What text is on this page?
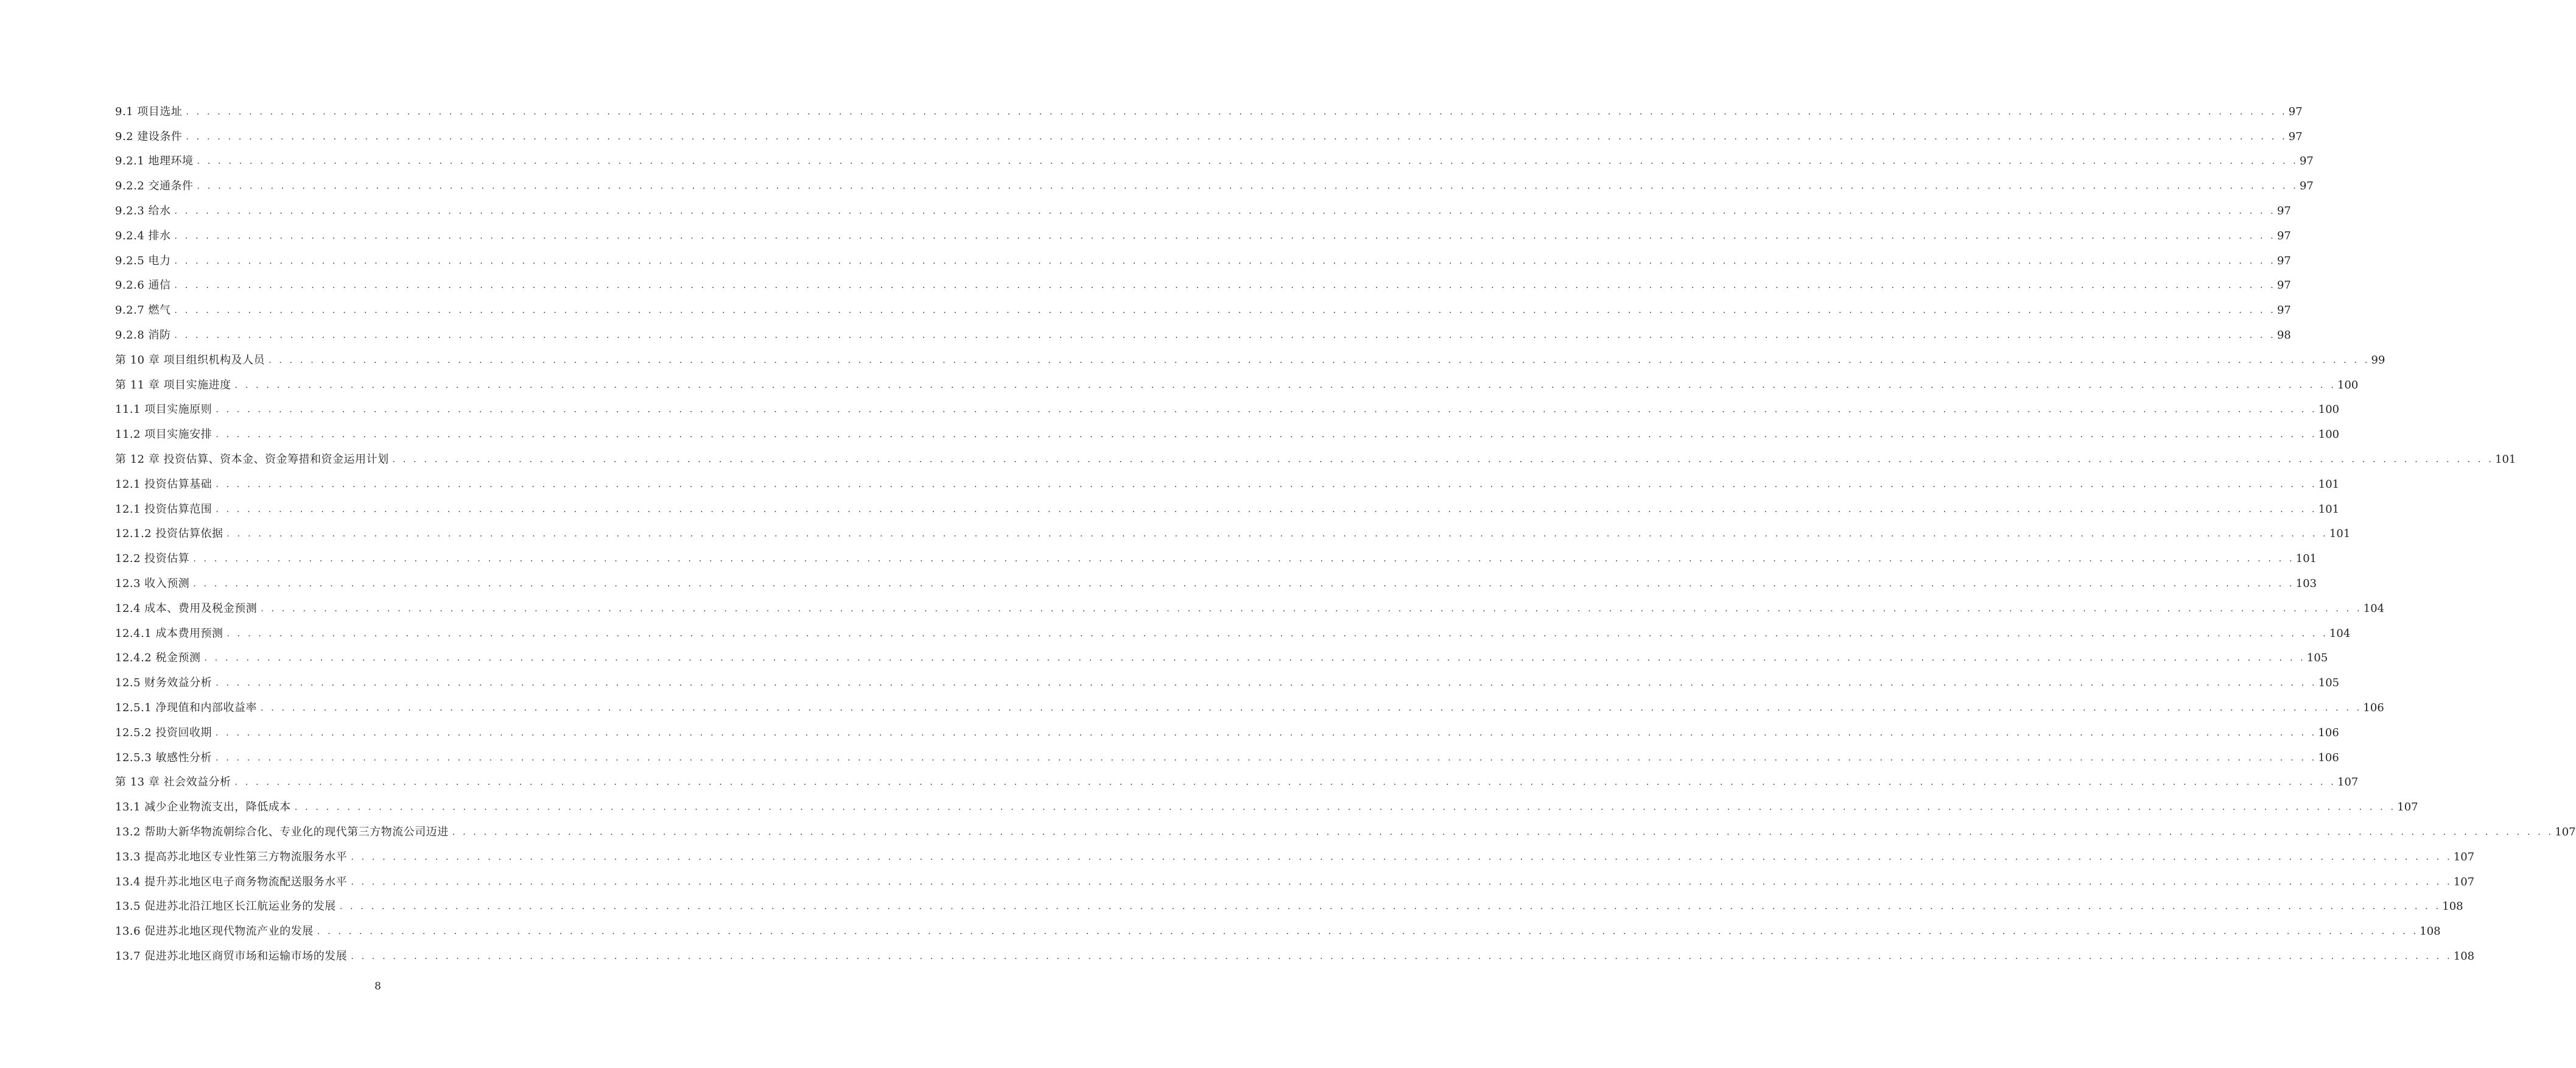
9.1 项目选址 . . . . . . . . . . . . . . . . . . . . . . . . . . . . . . . . . . . . . . . . . . . . . . . . . . . . . . . . . . . . . . . . . . . . . . . . . . . . . . . . . . . . . . . . . . . . . . . . . . . . . . . . . . . . . . . . . . . . . . . . . . . . . . . . . . . . . . . . . . . . . . . . . . . . . . . . . . . . . . . . . . . . . . . . . . . . . . . . . . . . . . . . . . . . . . . . . . . . . . . . 97
9.2 建设条件 . . . . . . . . . . . . . . . . . . . . . . . . . . . . . . . . . . . . . . . . . . . . . . . . . . . . . . . . . . . . . . . . . . . . . . . . . . . . . . . . . . . . . . . . . . . . . . . . . . . . . . . . . . . . . . . . . . . . . . . . . . . . . . . . . . . . . . . . . . . . . . . . . . . . . . . . . . . . . . . . . . . . . . . . . . . . . . . . . . . . . . . . . . . . . . . . . . . . . . . . 97
9.2.1 地理环境 . . . . . . . . . . . . . . . . . . . . . . . . . . . . . . . . . . . . . . . . . . . . . . . . . . . . . . . . . . . . . . . . . . . . . . . . . . . . . . . . . . . . . . . . . . . . . . . . . . . . . . . . . . . . . . . . . . . . . . . . . . . . . . . . . . . . . . . . . . . . . . . . . . . . . . . . . . . . . . . . . . . . . . . . . . . . . . . . . . . . . . . . . . . . . . . . . . . . . . . . 97
9.2.2 交通条件 . . . . . . . . . . . . . . . . . . . . . . . . . . . . . . . . . . . . . . . . . . . . . . . . . . . . . . . . . . . . . . . . . . . . . . . . . . . . . . . . . . . . . . . . . . . . . . . . . . . . . . . . . . . . . . . . . . . . . . . . . . . . . . . . . . . . . . . . . . . . . . . . . . . . . . . . . . . . . . . . . . . . . . . . . . . . . . . . . . . . . . . . . . . . . . . . . . . . . . . . 97
9.2.3 给水 . . . . . . . . . . . . . . . . . . . . . . . . . . . . . . . . . . . . . . . . . . . . . . . . . . . . . . . . . . . . . . . . . . . . . . . . . . . . . . . . . . . . . . . . . . . . . . . . . . . . . . . . . . . . . . . . . . . . . . . . . . . . . . . . . . . . . . . . . . . . . . . . . . . . . . . . . . . . . . . . . . . . . . . . . . . . . . . . . . . . . . . . . . . . . . . . . . . . . . . . 97
9.2.4 排水 . . . . . . . . . . . . . . . . . . . . . . . . . . . . . . . . . . . . . . . . . . . . . . . . . . . . . . . . . . . . . . . . . . . . . . . . . . . . . . . . . . . . . . . . . . . . . . . . . . . . . . . . . . . . . . . . . . . . . . . . . . . . . . . . . . . . . . . . . . . . . . . . . . . . . . . . . . . . . . . . . . . . . . . . . . . . . . . . . . . . . . . . . . . . . . . . . . . . . . . . 97
9.2.5 电力 . . . . . . . . . . . . . . . . . . . . . . . . . . . . . . . . . . . . . . . . . . . . . . . . . . . . . . . . . . . . . . . . . . . . . . . . . . . . . . . . . . . . . . . . . . . . . . . . . . . . . . . . . . . . . . . . . . . . . . . . . . . . . . . . . . . . . . . . . . . . . . . . . . . . . . . . . . . . . . . . . . . . . . . . . . . . . . . . . . . . . . . . . . . . . . . . . . . . . . . . 97
9.2.6 通信 . . . . . . . . . . . . . . . . . . . . . . . . . . . . . . . . . . . . . . . . . . . . . . . . . . . . . . . . . . . . . . . . . . . . . . . . . . . . . . . . . . . . . . . . . . . . . . . . . . . . . . . . . . . . . . . . . . . . . . . . . . . . . . . . . . . . . . . . . . . . . . . . . . . . . . . . . . . . . . . . . . . . . . . . . . . . . . . . . . . . . . . . . . . . . . . . . . . . . . . . 97
9.2.7 燃气 . . . . . . . . . . . . . . . . . . . . . . . . . . . . . . . . . . . . . . . . . . . . . . . . . . . . . . . . . . . . . . . . . . . . . . . . . . . . . . . . . . . . . . . . . . . . . . . . . . . . . . . . . . . . . . . . . . . . . . . . . . . . . . . . . . . . . . . . . . . . . . . . . . . . . . . . . . . . . . . . . . . . . . . . . . . . . . . . . . . . . . . . . . . . . . . . . . . . . . . . 97
9.2.8 消防 . . . . . . . . . . . . . . . . . . . . . . . . . . . . . . . . . . . . . . . . . . . . . . . . . . . . . . . . . . . . . . . . . . . . . . . . . . . . . . . . . . . . . . . . . . . . . . . . . . . . . . . . . . . . . . . . . . . . . . . . . . . . . . . . . . . . . . . . . . . . . . . . . . . . . . . . . . . . . . . . . . . . . . . . . . . . . . . . . . . . . . . . . . . . . . . . . . . . . . . . 98
第 10 章 项目组织机构及人员 . . . . . . . . . . . . . . . . . . . . . . . . . . . . . . . . . . . . . . . . . . . . . . . . . . . . . . . . . . . . . . . . . . . . . . . . . . . . . . . . . . . . . . . . . . . . . . . . . . . . . . . . . . . . . . . . . . . . . . . . . . . . . . . . . . . . . . . . . . . . . . . . . . . . . . . . . . . . . . . . . . . . . . . . . . . . . . . . . . . . . . . . . . . . . . . . . . . . . . . . 99
第 11 章 项目实施进度 . . . . . . . . . . . . . . . . . . . . . . . . . . . . . . . . . . . . . . . . . . . . . . . . . . . . . . . . . . . . . . . . . . . . . . . . . . . . . . . . . . . . . . . . . . . . . . . . . . . . . . . . . . . . . . . . . . . . . . . . . . . . . . . . . . . . . . . . . . . . . . . . . . . . . . . . . . . . . . . . . . . . . . . . . . . . . . . . . . . . . . . . . . . . . . . . . . . . . . . . 100
11.1 项目实施原则 . . . . . . . . . . . . . . . . . . . . . . . . . . . . . . . . . . . . . . . . . . . . . . . . . . . . . . . . . . . . . . . . . . . . . . . . . . . . . . . . . . . . . . . . . . . . . . . . . . . . . . . . . . . . . . . . . . . . . . . . . . . . . . . . . . . . . . . . . . . . . . . . . . . . . . . . . . . . . . . . . . . . . . . . . . . . . . . . . . . . . . . . . . . . . . . . . . . . . . . . 100
11.2 项目实施安排 . . . . . . . . . . . . . . . . . . . . . . . . . . . . . . . . . . . . . . . . . . . . . . . . . . . . . . . . . . . . . . . . . . . . . . . . . . . . . . . . . . . . . . . . . . . . . . . . . . . . . . . . . . . . . . . . . . . . . . . . . . . . . . . . . . . . . . . . . . . . . . . . . . . . . . . . . . . . . . . . . . . . . . . . . . . . . . . . . . . . . . . . . . . . . . . . . . . . . . . . 100
第 12 章 投资估算、资本金、资金筹措和资金运用计划 . . . . . . . . . . . . . . . . . . . . . . . . . . . . . . . . . . . . . . . . . . . . . . . . . . . . . . . . . . . . . . . . . . . . . . . . . . . . . . . . . . . . . . . . . . . . . . . . . . . . . . . . . . . . . . . . . . . . . . . . . . . . . . . . . . . . . . . . . . . . . . . . . . . . . . . . . . . . . . . . . . . . . . . . . . . . . . . . . . . . . . . . . . . . . . . . . . . . . . . . 101
12.1 投资估算基础 . . . . . . . . . . . . . . . . . . . . . . . . . . . . . . . . . . . . . . . . . . . . . . . . . . . . . . . . . . . . . . . . . . . . . . . . . . . . . . . . . . . . . . . . . . . . . . . . . . . . . . . . . . . . . . . . . . . . . . . . . . . . . . . . . . . . . . . . . . . . . . . . . . . . . . . . . . . . . . . . . . . . . . . . . . . . . . . . . . . . . . . . . . . . . . . . . . . . . . . . 101
12.1 投资估算范围 . . . . . . . . . . . . . . . . . . . . . . . . . . . . . . . . . . . . . . . . . . . . . . . . . . . . . . . . . . . . . . . . . . . . . . . . . . . . . . . . . . . . . . . . . . . . . . . . . . . . . . . . . . . . . . . . . . . . . . . . . . . . . . . . . . . . . . . . . . . . . . . . . . . . . . . . . . . . . . . . . . . . . . . . . . . . . . . . . . . . . . . . . . . . . . . . . . . . . . . . 101
12.1.2 投资估算依据 . . . . . . . . . . . . . . . . . . . . . . . . . . . . . . . . . . . . . . . . . . . . . . . . . . . . . . . . . . . . . . . . . . . . . . . . . . . . . . . . . . . . . . . . . . . . . . . . . . . . . . . . . . . . . . . . . . . . . . . . . . . . . . . . . . . . . . . . . . . . . . . . . . . . . . . . . . . . . . . . . . . . . . . . . . . . . . . . . . . . . . . . . . . . . . . . . . . . . . . . 101
12.2 投资估算 . . . . . . . . . . . . . . . . . . . . . . . . . . . . . . . . . . . . . . . . . . . . . . . . . . . . . . . . . . . . . . . . . . . . . . . . . . . . . . . . . . . . . . . . . . . . . . . . . . . . . . . . . . . . . . . . . . . . . . . . . . . . . . . . . . . . . . . . . . . . . . . . . . . . . . . . . . . . . . . . . . . . . . . . . . . . . . . . . . . . . . . . . . . . . . . . . . . . . . . . 101
12.3 收入预测 . . . . . . . . . . . . . . . . . . . . . . . . . . . . . . . . . . . . . . . . . . . . . . . . . . . . . . . . . . . . . . . . . . . . . . . . . . . . . . . . . . . . . . . . . . . . . . . . . . . . . . . . . . . . . . . . . . . . . . . . . . . . . . . . . . . . . . . . . . . . . . . . . . . . . . . . . . . . . . . . . . . . . . . . . . . . . . . . . . . . . . . . . . . . . . . . . . . . . . . . 103
12.4 成本、费用及税金预测 . . . . . . . . . . . . . . . . . . . . . . . . . . . . . . . . . . . . . . . . . . . . . . . . . . . . . . . . . . . . . . . . . . . . . . . . . . . . . . . . . . . . . . . . . . . . . . . . . . . . . . . . . . . . . . . . . . . . . . . . . . . . . . . . . . . . . . . . . . . . . . . . . . . . . . . . . . . . . . . . . . . . . . . . . . . . . . . . . . . . . . . . . . . . . . . . . . . . . . . . 104
12.4.1 成本费用预测 . . . . . . . . . . . . . . . . . . . . . . . . . . . . . . . . . . . . . . . . . . . . . . . . . . . . . . . . . . . . . . . . . . . . . . . . . . . . . . . . . . . . . . . . . . . . . . . . . . . . . . . . . . . . . . . . . . . . . . . . . . . . . . . . . . . . . . . . . . . . . . . . . . . . . . . . . . . . . . . . . . . . . . . . . . . . . . . . . . . . . . . . . . . . . . . . . . . . . . . . 104
12.4.2 税金预测 . . . . . . . . . . . . . . . . . . . . . . . . . . . . . . . . . . . . . . . . . . . . . . . . . . . . . . . . . . . . . . . . . . . . . . . . . . . . . . . . . . . . . . . . . . . . . . . . . . . . . . . . . . . . . . . . . . . . . . . . . . . . . . . . . . . . . . . . . . . . . . . . . . . . . . . . . . . . . . . . . . . . . . . . . . . . . . . . . . . . . . . . . . . . . . . . . . . . . . . . 105
12.5 财务效益分析 . . . . . . . . . . . . . . . . . . . . . . . . . . . . . . . . . . . . . . . . . . . . . . . . . . . . . . . . . . . . . . . . . . . . . . . . . . . . . . . . . . . . . . . . . . . . . . . . . . . . . . . . . . . . . . . . . . . . . . . . . . . . . . . . . . . . . . . . . . . . . . . . . . . . . . . . . . . . . . . . . . . . . . . . . . . . . . . . . . . . . . . . . . . . . . . . . . . . . . . . 105
12.5.1 净现值和内部收益率 . . . . . . . . . . . . . . . . . . . . . . . . . . . . . . . . . . . . . . . . . . . . . . . . . . . . . . . . . . . . . . . . . . . . . . . . . . . . . . . . . . . . . . . . . . . . . . . . . . . . . . . . . . . . . . . . . . . . . . . . . . . . . . . . . . . . . . . . . . . . . . . . . . . . . . . . . . . . . . . . . . . . . . . . . . . . . . . . . . . . . . . . . . . . . . . . . . . . . . . . 106
12.5.2 投资回收期 . . . . . . . . . . . . . . . . . . . . . . . . . . . . . . . . . . . . . . . . . . . . . . . . . . . . . . . . . . . . . . . . . . . . . . . . . . . . . . . . . . . . . . . . . . . . . . . . . . . . . . . . . . . . . . . . . . . . . . . . . . . . . . . . . . . . . . . . . . . . . . . . . . . . . . . . . . . . . . . . . . . . . . . . . . . . . . . . . . . . . . . . . . . . . . . . . . . . . . . . 106
12.5.3 敏感性分析 . . . . . . . . . . . . . . . . . . . . . . . . . . . . . . . . . . . . . . . . . . . . . . . . . . . . . . . . . . . . . . . . . . . . . . . . . . . . . . . . . . . . . . . . . . . . . . . . . . . . . . . . . . . . . . . . . . . . . . . . . . . . . . . . . . . . . . . . . . . . . . . . . . . . . . . . . . . . . . . . . . . . . . . . . . . . . . . . . . . . . . . . . . . . . . . . . . . . . . . . 106
第 13 章 社会效益分析 . . . . . . . . . . . . . . . . . . . . . . . . . . . . . . . . . . . . . . . . . . . . . . . . . . . . . . . . . . . . . . . . . . . . . . . . . . . . . . . . . . . . . . . . . . . . . . . . . . . . . . . . . . . . . . . . . . . . . . . . . . . . . . . . . . . . . . . . . . . . . . . . . . . . . . . . . . . . . . . . . . . . . . . . . . . . . . . . . . . . . . . . . . . . . . . . . . . . . . . . 107
13.1 减少企业物流支出，降低成本 . . . . . . . . . . . . . . . . . . . . . . . . . . . . . . . . . . . . . . . . . . . . . . . . . . . . . . . . . . . . . . . . . . . . . . . . . . . . . . . . . . . . . . . . . . . . . . . . . . . . . . . . . . . . . . . . . . . . . . . . . . . . . . . . . . . . . . . . . . . . . . . . . . . . . . . . . . . . . . . . . . . . . . . . . . . . . . . . . . . . . . . . . . . . . . . . . . . . . . . . 107
13.2 帮助大新华物流朝综合化、专业化的现代第三方物流公司迈进 . . . . . . . . . . . . . . . . . . . . . . . . . . . . . . . . . . . . . . . . . . . . . . . . . . . . . . . . . . . . . . . . . . . . . . . . . . . . . . . . . . . . . . . . . . . . . . . . . . . . . . . . . . . . . . . . . . . . . . . . . . . . . . . . . . . . . . . . . . . . . . . . . . . . . . . . . . . . . . . . . . . . . . . . . . . . . . . . . . . . . . . . . . . . . . . . . . . . . . . . 107
13.3 提高苏北地区专业性第三方物流服务水平 . . . . . . . . . . . . . . . . . . . . . . . . . . . . . . . . . . . . . . . . . . . . . . . . . . . . . . . . . . . . . . . . . . . . . . . . . . . . . . . . . . . . . . . . . . . . . . . . . . . . . . . . . . . . . . . . . . . . . . . . . . . . . . . . . . . . . . . . . . . . . . . . . . . . . . . . . . . . . . . . . . . . . . . . . . . . . . . . . . . . . . . . . . . . . . . . . . . . . . . . 107
13.4 提升苏北地区电子商务物流配送服务水平 . . . . . . . . . . . . . . . . . . . . . . . . . . . . . . . . . . . . . . . . . . . . . . . . . . . . . . . . . . . . . . . . . . . . . . . . . . . . . . . . . . . . . . . . . . . . . . . . . . . . . . . . . . . . . . . . . . . . . . . . . . . . . . . . . . . . . . . . . . . . . . . . . . . . . . . . . . . . . . . . . . . . . . . . . . . . . . . . . . . . . . . . . . . . . . . . . . . . . . . . 107
13.5 促进苏北沿江地区长江航运业务的发展 . . . . . . . . . . . . . . . . . . . . . . . . . . . . . . . . . . . . . . . . . . . . . . . . . . . . . . . . . . . . . . . . . . . . . . . . . . . . . . . . . . . . . . . . . . . . . . . . . . . . . . . . . . . . . . . . . . . . . . . . . . . . . . . . . . . . . . . . . . . . . . . . . . . . . . . . . . . . . . . . . . . . . . . . . . . . . . . . . . . . . . . . . . . . . . . . . . . . . . . . 108
13.6 促进苏北地区现代物流产业的发展 . . . . . . . . . . . . . . . . . . . . . . . . . . . . . . . . . . . . . . . . . . . . . . . . . . . . . . . . . . . . . . . . . . . . . . . . . . . . . . . . . . . . . . . . . . . . . . . . . . . . . . . . . . . . . . . . . . . . . . . . . . . . . . . . . . . . . . . . . . . . . . . . . . . . . . . . . . . . . . . . . . . . . . . . . . . . . . . . . . . . . . . . . . . . . . . . . . . . . . . . 108
13.7 促进苏北地区商贸市场和运输市场的发展 . . . . . . . . . . . . . . . . . . . . . . . . . . . . . . . . . . . . . . . . . . . . . . . . . . . . . . . . . . . . . . . . . . . . . . . . . . . . . . . . . . . . . . . . . . . . . . . . . . . . . . . . . . . . . . . . . . . . . . . . . . . . . . . . . . . . . . . . . . . . . . . . . . . . . . . . . . . . . . . . . . . . . . . . . . . . . . . . . . . . . . . . . . . . . . . . . . . . . . . . 108
8
